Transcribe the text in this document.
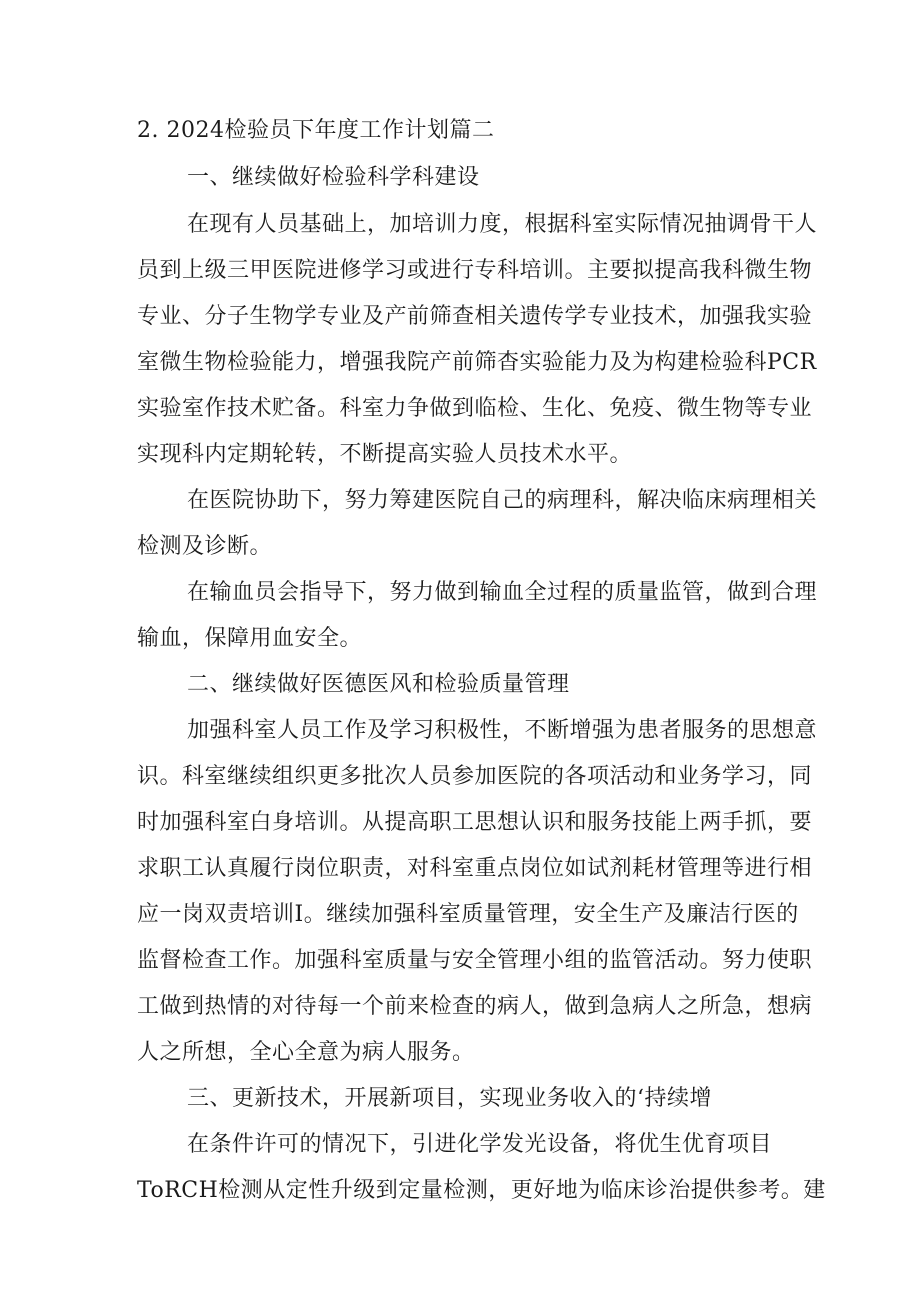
2. 2024检验员下年度工作计划篇二
一、继续做好检验科学科建设
在现有人员基础上，加培训力度，根据科室实际情况抽调骨干人
员到上级三甲医院进修学习或进行专科培训。主要拟提高我科微生物
专业、分子生物学专业及产前筛查相关遗传学专业技术，加强我实验
室微生物检验能力，增强我院产前筛杳实验能力及为构建检验科PCR
实验室作技术贮备。科室力争做到临检、生化、免疫、微生物等专业
实现科内定期轮转，不断提高实验人员技术水平。
在医院协助下，努力筹建医院自己的病理科，解决临床病理相关
检测及诊断。
在输血员会指导下，努力做到输血全过程的质量监管，做到合理
输血，保障用血安全。
二、继续做好医德医风和检验质量管理
加强科室人员工作及学习积极性，不断增强为患者服务的思想意
识。科室继续组织更多批次人员参加医院的各项活动和业务学习，同
时加强科室白身培训。从提高职工思想认识和服务技能上两手抓，要
求职工认真履行岗位职责，对科室重点岗位如试剂耗材管理等进行相
应一岗双责培训I。继续加强科室质量管理，安全生产及廉洁行医的
监督检查工作。加强科室质量与安全管理小组的监管活动。努力使职
工做到热情的对待每一个前来检查的病人，做到急病人之所急，想病
人之所想，全心全意为病人服务。
三、更新技术，开展新项目，实现业务收入的‘持续增
在条件许可的情况下，引进化学发光设备，将优生优育项目
ToRCH检测从定性升级到定量检测，更好地为临床诊治提供参考。建
